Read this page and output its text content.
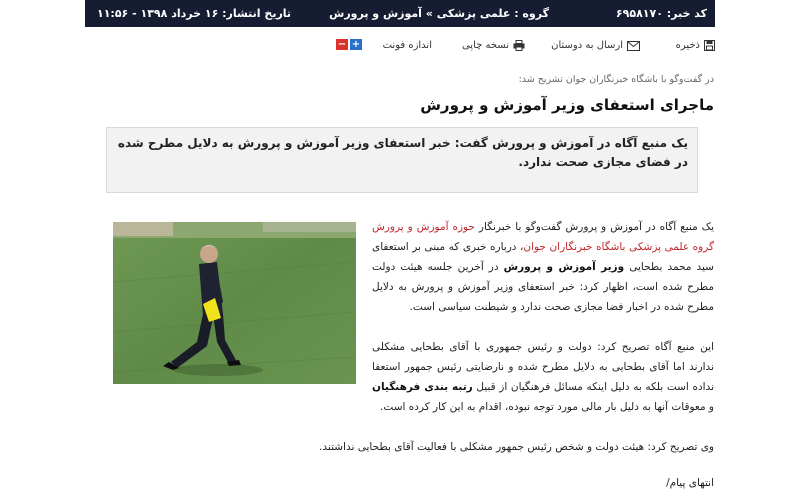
کد خبر: ۶۹۵۸۱۷۰
گروه : علمی پزشکی » آموزش و پرورش
تاریخ انتشار: ۱۶ خرداد ۱۳۹۸ - ۱۱:۵۶
ذخیره
ارسال به دوستان
نسخه چاپی
اندازه فونت
+
−
در گفت‌وگو با باشگاه خبرنگاران جوان تشریح شد:
ماجرای استعفای وزیر آموزش و پرورش
یک منبع آگاه در آموزش و پرورش گفت: خبر استعفای وزیر آموزش و پرورش به دلایل مطرح شده در فضای مجازی صحت ندارد.
یک منبع آگاه در آموزش و پرورش گفت‌وگو با خبرنگار حوزه آموزش و پرورش گروه علمی پزشکی باشگاه خبرنگاران جوان، درباره خبری که مبنی بر استعفای سید محمد بطحایی وزیر آموزش و پرورش در آخرین جلسه هیئت دولت مطرح شده است، اظهار کرد: خبر استعفای وزیر آموزش و پرورش به دلایل مطرح شده در اخبار فضا مجازی صحت ندارد و شیطنت سیاسی است.
این منبع آگاه تصریح کرد: دولت و رئیس جمهوری با آقای بطحایی مشکلی ندارند اما آقای بطحایی به دلایل مطرح شده و نارضایتی رئیس جمهور استعفا نداده است بلکه به دلیل اینکه مسائل فرهنگیان از قبیل رتبه بندی فرهنگیان و معوقات آنها به دلیل بار مالی مورد توجه نبوده، اقدام به این کار کرده است.
وی تصریح کرد: هیئت دولت و شخص رئیس جمهور مشکلی با فعالیت آقای بطحایی نداشتند.
انتهای پیام/
